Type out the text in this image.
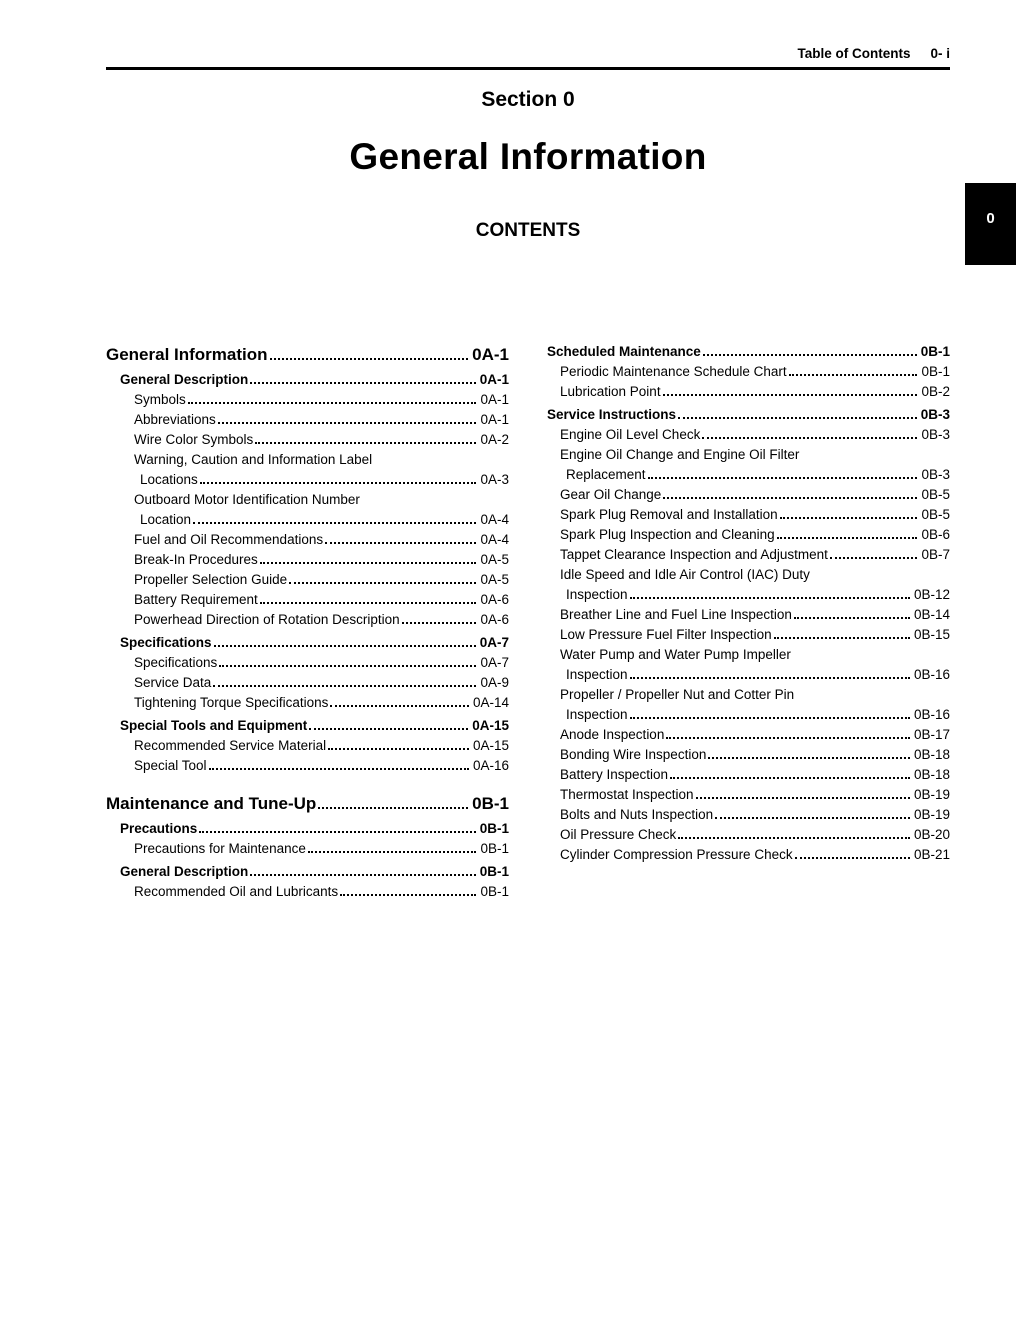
Table of Contents 0- i
Section 0
General Information
CONTENTS
0
General Information	0A-1
General Description	0A-1
Symbols	0A-1
Abbreviations	0A-1
Wire Color Symbols	0A-2
Warning, Caution and Information Label
Locations	0A-3
Outboard Motor Identification Number
Location	0A-4
Fuel and Oil Recommendations	0A-4
Break-In Procedures	0A-5
Propeller Selection Guide	0A-5
Battery Requirement	0A-6
Powerhead Direction of Rotation Description	0A-6
Specifications	0A-7
Specifications	0A-7
Service Data	0A-9
Tightening Torque Specifications	0A-14
Special Tools and Equipment	0A-15
Recommended Service Material	0A-15
Special Tool	0A-16
Maintenance and Tune-Up	0B-1
Precautions	0B-1
Precautions for Maintenance	0B-1
General Description	0B-1
Recommended Oil and Lubricants	0B-1
Scheduled Maintenance	0B-1
Periodic Maintenance Schedule Chart	0B-1
Lubrication Point	0B-2
Service Instructions	0B-3
Engine Oil Level Check	0B-3
Engine Oil Change and Engine Oil Filter
Replacement	0B-3
Gear Oil Change	0B-5
Spark Plug Removal and Installation	0B-5
Spark Plug Inspection and Cleaning	0B-6
Tappet Clearance Inspection and Adjustment	0B-7
Idle Speed and Idle Air Control (IAC) Duty
Inspection	0B-12
Breather Line and Fuel Line Inspection	0B-14
Low Pressure Fuel Filter Inspection	0B-15
Water Pump and Water Pump Impeller
Inspection	0B-16
Propeller / Propeller Nut and Cotter Pin
Inspection	0B-16
Anode Inspection	0B-17
Bonding Wire Inspection	0B-18
Battery Inspection	0B-18
Thermostat Inspection	0B-19
Bolts and Nuts Inspection	0B-19
Oil Pressure Check	0B-20
Cylinder Compression Pressure Check	0B-21
